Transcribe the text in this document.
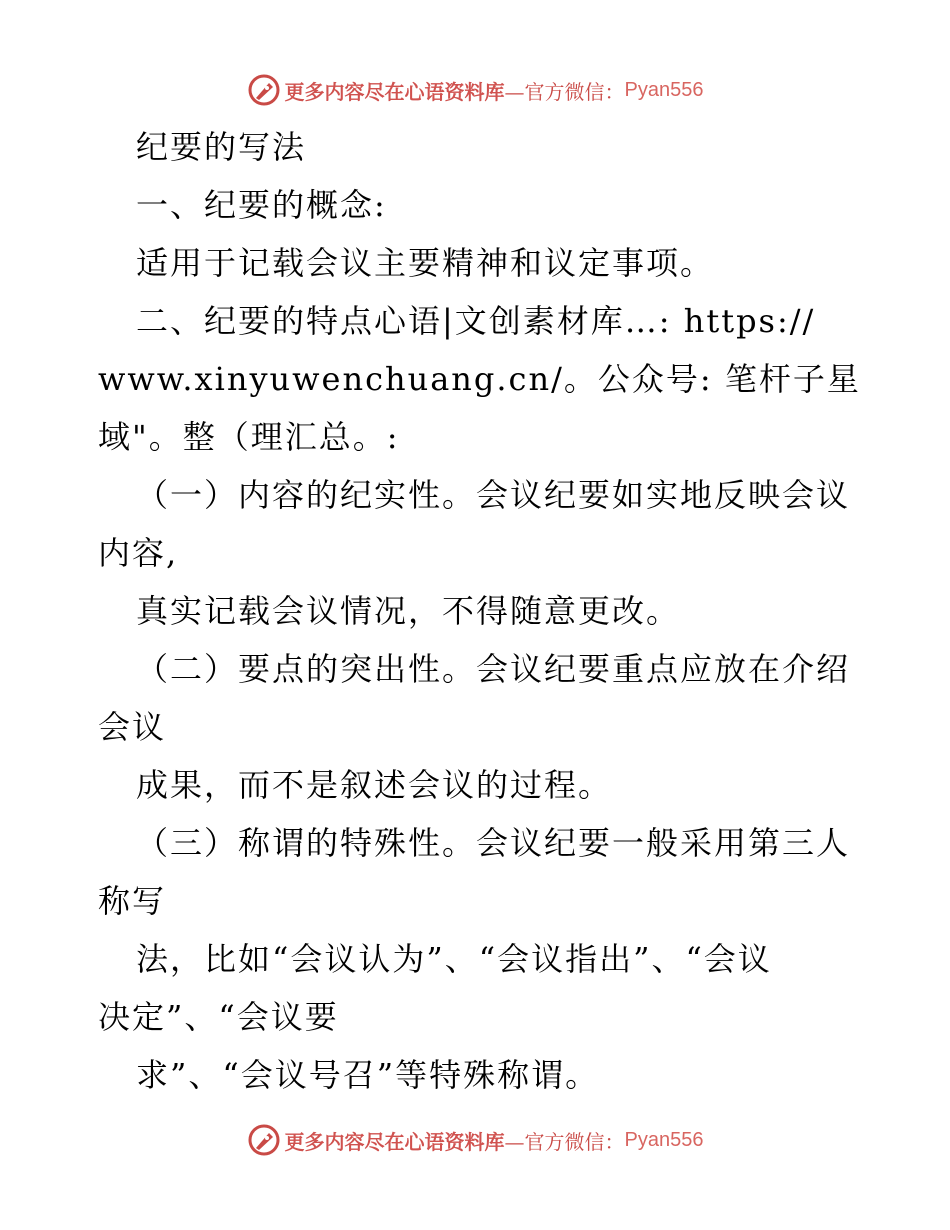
更多内容尽在心语资料库 —官方微信： Pyan556
纪要的写法
一、纪要的概念:
适用于记载会议主要精神和议定事项。
二、纪要的特点心语|文创素材库…: https://
www.xinyuwenchuang.cn/。公众号: 笔杆子星
域"。整（理汇总。:
（一）内容的纪实性。会议纪要如实地反映会议
内容,
真实记载会议情况，不得随意更改。
（二）要点的突出性。会议纪要重点应放在介绍
会议
成果，而不是叙述会议的过程。
（三）称谓的特殊性。会议纪要一般采用第三人
称写
法，比如“会议认为”、“会议指出”、“会议
决定”、“会议要
求”、“会议号召”等特殊称谓。
更多内容尽在心语资料库 —官方微信： Pyan556
